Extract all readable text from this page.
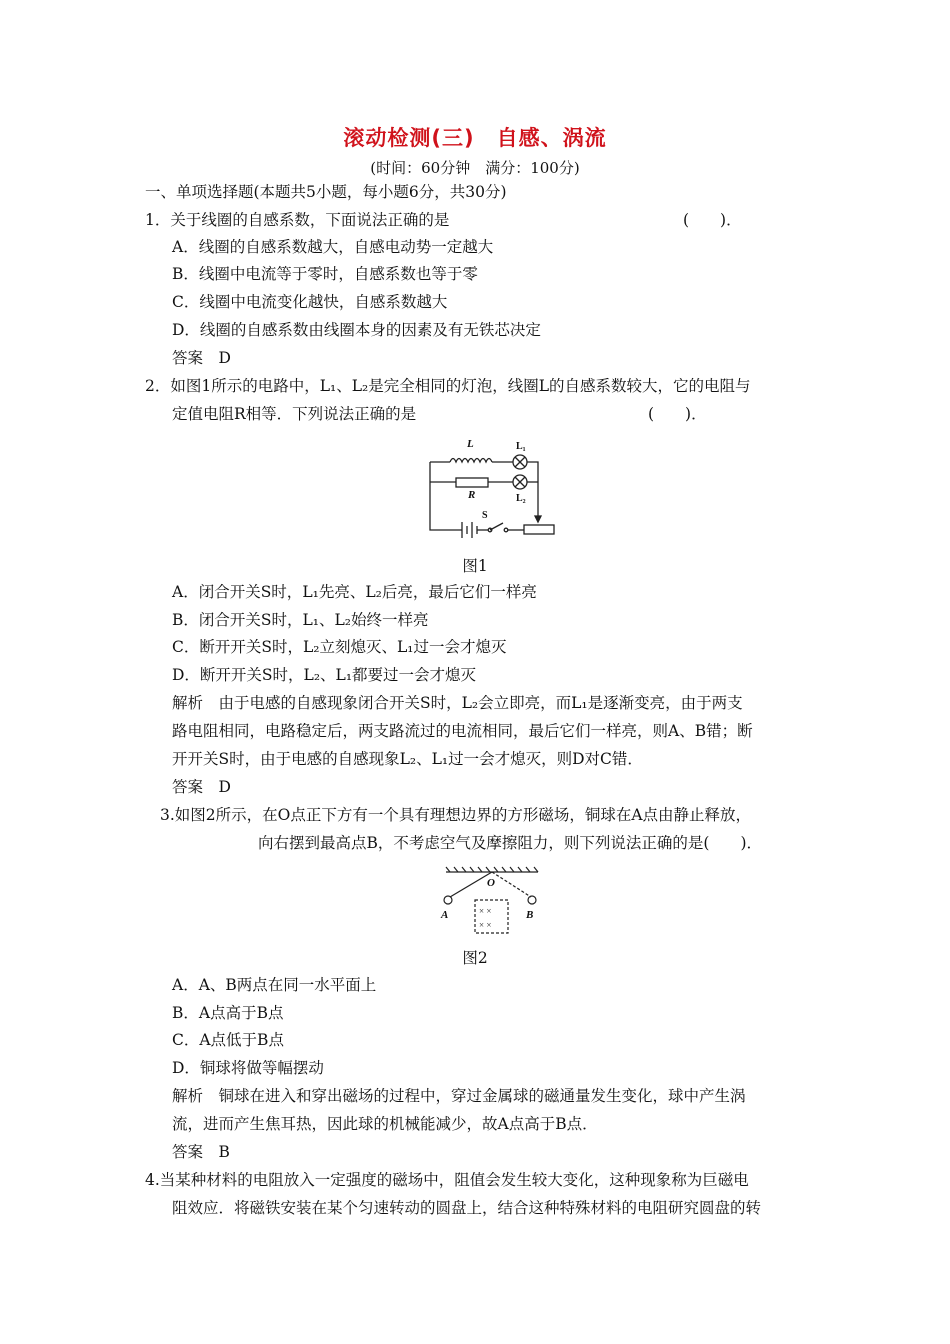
滚动检测(三)　自感、涡流
(时间：60分钟　满分：100分)
一、单项选择题(本题共5小题，每小题6分，共30分)
1．关于线圈的自感系数，下面说法正确的是	(　　)．
A．线圈的自感系数越大，自感电动势一定越大
B．线圈中电流等于零时，自感系数也等于零
C．线圈中电流变化越快，自感系数越大
D．线圈的自感系数由线圈本身的因素及有无铁芯决定
答案　D
2．如图1所示的电路中，L₁、L₂是完全相同的灯泡，线圈L的自感系数较大，它的电阻与
定值电阻R相等．下列说法正确的是	(　　)．
L
R
L₁
L₂
S
图1
A．闭合开关S时，L₁先亮、L₂后亮，最后它们一样亮
B．闭合开关S时，L₁、L₂始终一样亮
C．断开开关S时，L₂立刻熄灭、L₁过一会才熄灭
D．断开开关S时，L₂、L₁都要过一会才熄灭
解析　由于电感的自感现象闭合开关S时，L₂会立即亮，而L₁是逐渐变亮，由于两支
路电阻相同，电路稳定后，两支路流过的电流相同，最后它们一样亮，则A、B错；断
开开关S时，由于电感的自感现象L₂、L₁过一会才熄灭，则D对C错．
答案　D
3.如图2所示，在O点正下方有一个具有理想边界的方形磁场，铜球在A点由静止释放，
向右摆到最高点B，不考虑空气及摩擦阻力，则下列说法正确的是(　　)．
× ×
× ×
O
A	B
图2
A．A、B两点在同一水平面上
B．A点高于B点
C．A点低于B点
D．铜球将做等幅摆动
解析　铜球在进入和穿出磁场的过程中，穿过金属球的磁通量发生变化，球中产生涡
流，进而产生焦耳热，因此球的机械能减少，故A点高于B点．
答案　B
4.当某种材料的电阻放入一定强度的磁场中，阻值会发生较大变化，这种现象称为巨磁电
阻效应．将磁铁安装在某个匀速转动的圆盘上，结合这种特殊材料的电阻研究圆盘的转
